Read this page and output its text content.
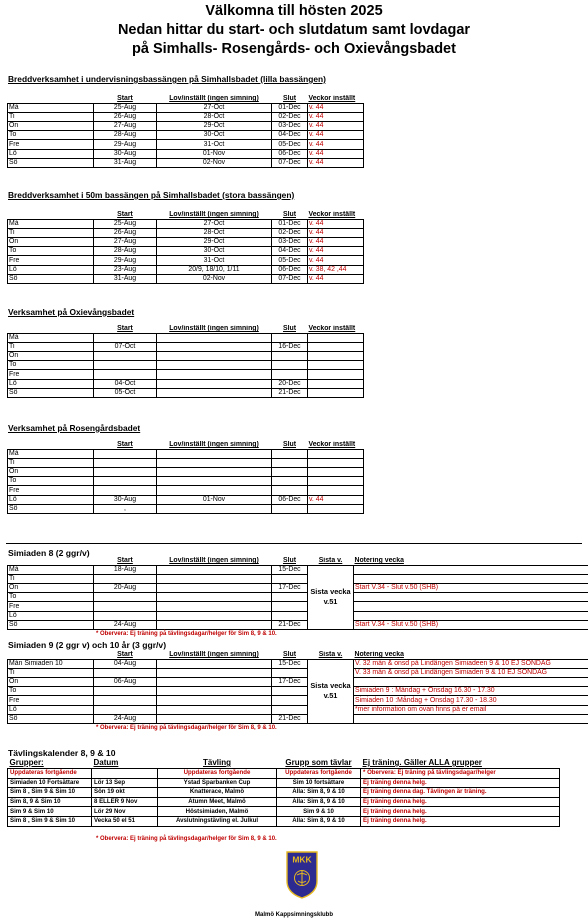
Välkomna till hösten 2025
Nedan hittar du start- och slutdatum samt lovdagar
på Simhalls- Rosengårds- och Oxievångsbadet
Breddverksamhet i undervisningsbassängen på Simhallsbadet (lilla bassängen)
	Start	Lov/inställt (ingen simning)	Slut	Veckor inställt
Må	25-Aug	27-Oct	01-Dec	v. 44
Ti	26-Aug	28-Oct	02-Dec	v. 44
On	27-Aug	29-Oct	03-Dec	v. 44
To	28-Aug	30-Oct	04-Dec	v. 44
Fre	29-Aug	31-Oct	05-Dec	v. 44
Lö	30-Aug	01-Nov	06-Dec	v. 44
Sö	31-Aug	02-Nov	07-Dec	v. 44
Breddverksamhet i 50m bassängen på Simhallsbadet (stora bassängen)
	Start	Lov/inställt (ingen simning)	Slut	Veckor inställt
Må	25-Aug	27-Oct	01-Dec	v. 44
Ti	26-Aug	28-Oct	02-Dec	v. 44
On	27-Aug	29-Oct	03-Dec	v. 44
To	28-Aug	30-Oct	04-Dec	v. 44
Fre	29-Aug	31-Oct	05-Dec	v. 44
Lö	23-Aug	20/9, 18/10, 1/11	06-Dec	v. 38, 42 ,44
Sö	31-Aug	02-Nov	07-Dec	v. 44
Verksamhet på Oxievångsbadet
	Start	Lov/inställt (ingen simning)	Slut	Veckor inställt
Må				
Ti	07-Oct		16-Dec	
On				
To				
Fre				
Lö	04-Oct		20-Dec	
Sö	05-Oct		21-Dec	
Verksamhet på Rosengårdsbadet
	Start	Lov/inställt (ingen simning)	Slut	Veckor inställt
Må				
Ti				
On				
To				
Fre				
Lö	30-Aug	01-Nov	06-Dec	v. 44
Sö	,			
Simiaden 8 (2 ggr/v)
	Start	Lov/inställt (ingen simning)	Slut	Sista v.	Notering vecka
Må	18-Aug		15-Dec	Sista vecka v.51	
Ti					
On	20-Aug		17-Dec		Start V.34 - Slut v.50 (SHB)
To					
Fre					
Lö					
Sö	24-Aug		21-Dec		Start V.34 - Slut v.50 (SHB)
* Obervera: Ej träning på tävlingsdagar/helger för Sim 8, 9 & 10.
Simiaden 9 (2 ggr v) och 10 år (3 ggr/v)
	Start	Lov/inställt (ingen simning)	Slut	Sista v.	Notering vecka
Mån Simiaden 10	04-Aug		15-Dec	Sista vecka v.51	V. 32 mån & onsd på Lindängen Simiadeen 9 & 10 EJ SÖNDAG
Ti					V. 33 mån & onsd på Lindängen Simiaden 9 & 10 EJ SÖNDAG
On	06-Aug		17-Dec		
To					Simiaden 9 : Måndag + Onsdag 16.30 - 17.30
Fre					Simiaden 10 :Måndag + Onsdag 17.30 - 18.30
Lö					*mer information om ovan finns på er email
Sö	24-Aug		21-Dec		
* Obervera: Ej träning på tävlingsdagar/helger för Sim 8, 9 & 10.
Tävlingskalender 8, 9 & 10
Grupper:	Datum	Tävling	Grupp som tävlar	Ej träning. Gäller ALLA grupper
Uppdateras fortgående		Uppdateras fortgående	Uppdateras fortgående	* Obervera: Ej träning på tävlingsdagar/helger
Simiaden 10 Fortsättare	Lör 13 Sep	Ystad Sparbanken Cup	Sim 10 fortsättare	Ej träning denna helg.
Sim 8 , Sim 9 & Sim 10	Sön 19 okt	Knatterace, Malmö	Alla: Sim 8, 9 & 10	Ej träning denna dag. Tävlingen är träning.
Sim 8, 9 & Sim 10	8 ELLER 9 Nov	Atumn Meet, Malmö	Alla: Sim 8, 9 & 10	Ej träning denna helg.
Sim 9 & Sim 10	Lör 29 Nov	Höstsimiaden, Malmö	Sim 9 & 10	Ej träning denna helg.
Sim 8 , Sim 9 & Sim 10	Vecka 50 el 51	Avslutningstävling el. Julkul	Alla: Sim 8, 9 & 10	Ej träning denna helg.
* Obervera: Ej träning på tävlingsdagar/helger för Sim 8, 9 & 10.
MKK
Malmö Kappsimningsklubb
